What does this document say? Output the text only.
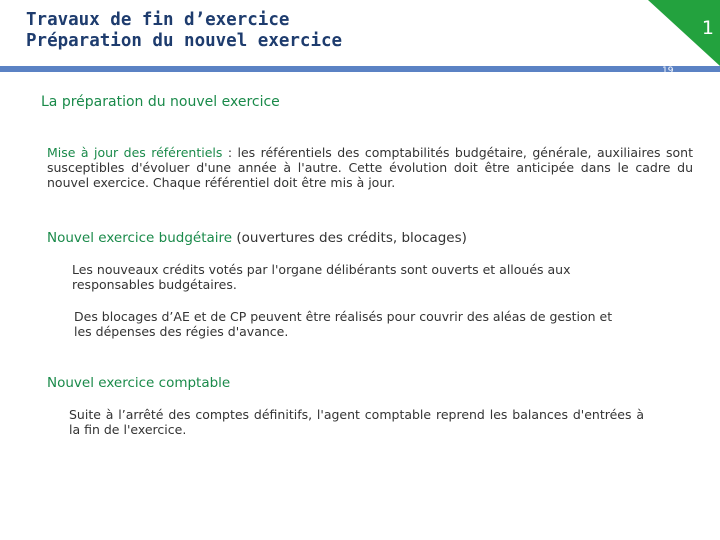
Travaux de fin d’exercice
Préparation du nouvel exercice
1
19
La préparation du nouvel exercice

Mise à jour des référentiels : les référentiels des comptabilités budgétaire, générale, auxiliaires sont susceptibles d'évoluer d'une année à l'autre. Cette évolution doit être anticipée dans le cadre du nouvel exercice. Chaque référentiel doit être mis à jour.

Nouvel exercice budgétaire (ouvertures des crédits, blocages)

Les nouveaux crédits votés par l'organe délibérants sont ouverts et alloués aux responsables budgétaires.

Des blocages d’AE et de CP peuvent être réalisés pour couvrir des aléas de gestion et les dépenses des régies d'avance.

Nouvel exercice comptable

Suite à l’arrêté des comptes définitifs, l'agent comptable reprend les balances d'entrées à la fin de l'exercice.
